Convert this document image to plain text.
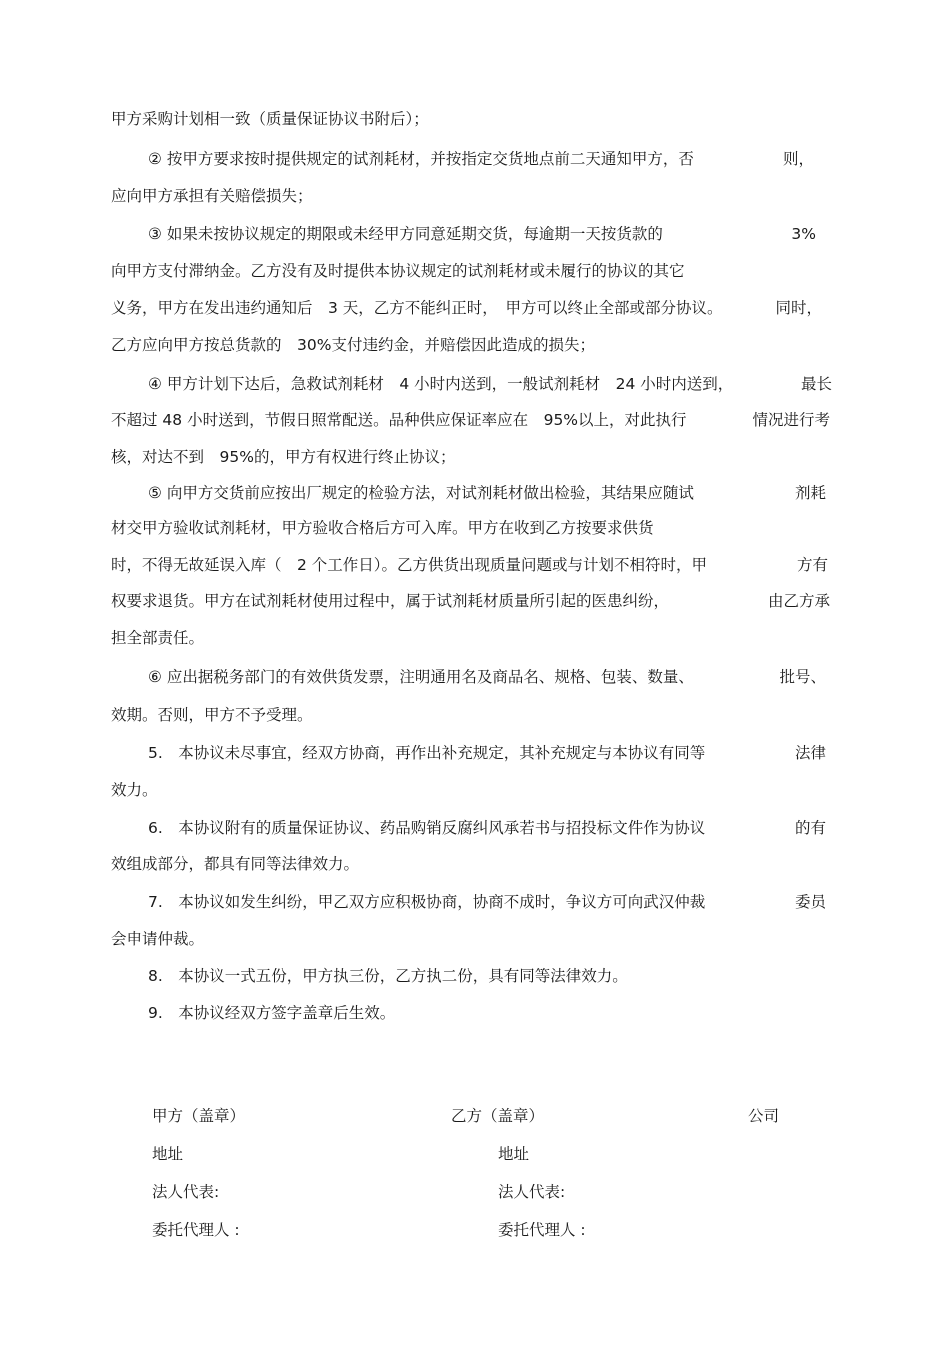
甲方采购计划相一致（质量保证协议书附后）；
② 按甲方要求按时提供规定的试剂耗材，并按指定交货地点前二天通知甲方，否	则，
应向甲方承担有关赔偿损失；
③ 如果未按协议规定的期限或未经甲方同意延期交货，每逾期一天按货款的	3%
向甲方支付滞纳金。乙方没有及时提供本协议规定的试剂耗材或未履行的协议的其它
义务，甲方在发出违约通知后　3 天，乙方不能纠正时，　甲方可以终止全部或部分协议。	同时，
乙方应向甲方按总货款的　30%支付违约金，并赔偿因此造成的损失；
④ 甲方计划下达后，急救试剂耗材　4 小时内送到，一般试剂耗材　24 小时内送到，	最长
不超过 48 小时送到，节假日照常配送。品种供应保证率应在　95%以上，对此执行	情况进行考
核，对达不到　95%的，甲方有权进行终止协议；
⑤ 向甲方交货前应按出厂规定的检验方法，对试剂耗材做出检验，其结果应随试	剂耗
材交甲方验收试剂耗材，甲方验收合格后方可入库。甲方在收到乙方按要求供货
时，不得无故延误入库（　2 个工作日）。乙方供货出现质量问题或与计划不相符时，甲	方有
权要求退货。甲方在试剂耗材使用过程中，属于试剂耗材质量所引起的医患纠纷，	由乙方承
担全部责任。
⑥ 应出据税务部门的有效供货发票，注明通用名及商品名、规格、包装、数量、	批号、
效期。否则，甲方不予受理。
5.　本协议未尽事宜，经双方协商，再作出补充规定，其补充规定与本协议有同等	法律
效力。
6.　本协议附有的质量保证协议、药品购销反腐纠风承若书与招投标文件作为协议	的有
效组成部分，都具有同等法律效力。
7.　本协议如发生纠纷，甲乙双方应积极协商，协商不成时，争议方可向武汉仲裁	委员
会申请仲裁。
8.　本协议一式五份，甲方执三份，乙方执二份，具有同等法律效力。
9.　本协议经双方签字盖章后生效。
甲方（盖章）	乙方（盖章）	公司
地址	地址
法人代表:	法人代表:
委托代理人 :	委托代理人 :
